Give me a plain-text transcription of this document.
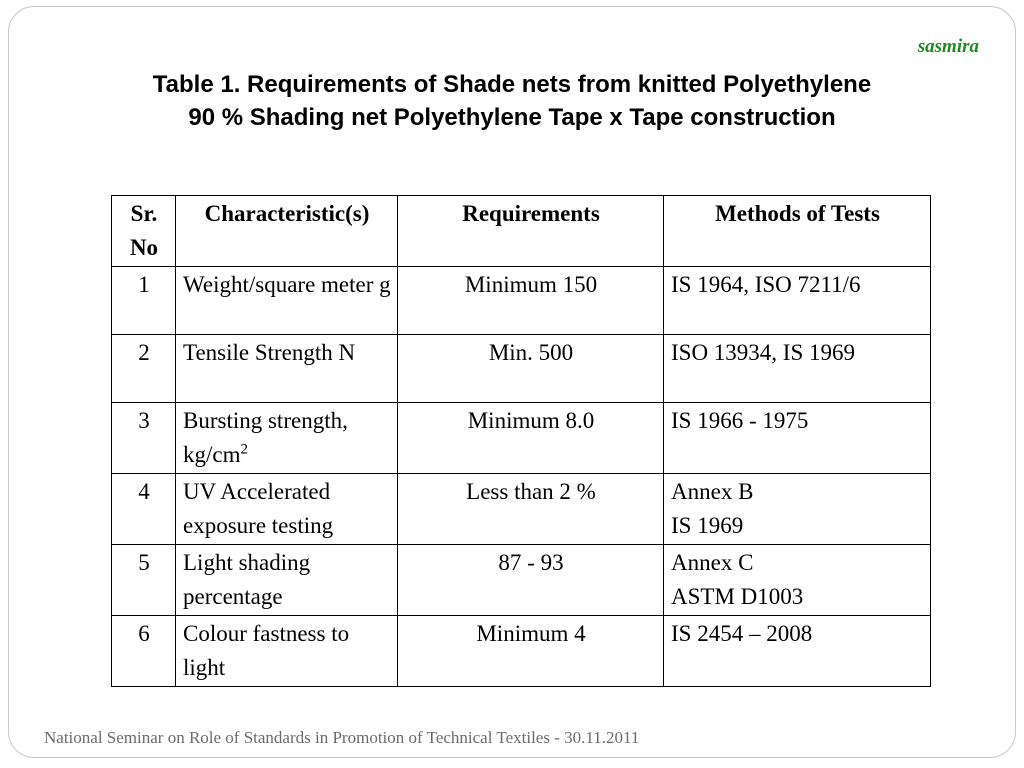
sasmira
Table 1. Requirements of Shade nets from knitted Polyethylene
90 % Shading net Polyethylene Tape x Tape construction
Sr. No	Characteristic(s)	Requirements	Methods of Tests
1	Weight/square meter g	Minimum 150	IS 1964, ISO 7211/6
2	Tensile Strength N	Min. 500	ISO 13934, IS 1969
3	Bursting strength, $kg/cm^2$	Minimum 8.0	IS 1966 - 1975
4	UV Accelerated exposure testing	Less than 2 %	Annex B
IS 1969

5	Light shading percentage	87 - 93	Annex C
ASTM D1003

6	Colour fastness to light	Minimum 4	IS 2454 – 2008
National Seminar on Role of Standards in Promotion of Technical Textiles - 30.11.2011
